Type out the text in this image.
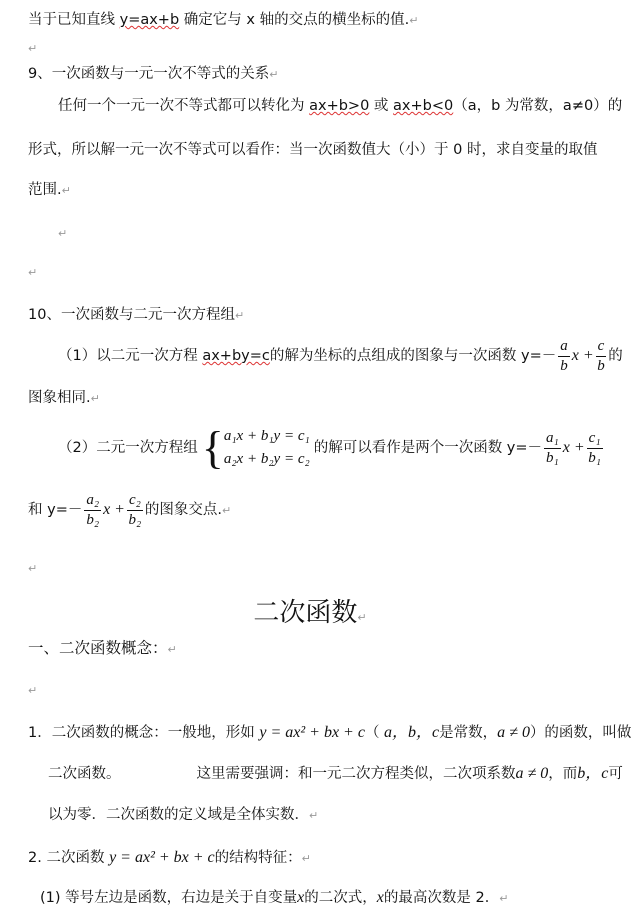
当于已知直线 y=ax+b 确定它与 x 轴的交点的横坐标的值.↵
↵
9、一次函数与一元一次不等式的关系↵
任何一个一元一次不等式都可以转化为 ax+b>0 或 ax+b<0（a，b 为常数，a≠0）的
形式，所以解一元一次不等式可以看作：当一次函数值大（小）于 0 时，求自变量的取值
范围.↵
↵
↵
10、一次函数与二元一次方程组↵
（1）以二元一次方程 ax+by=c的解为坐标的点组成的图象与一次函数 $y=- \frac{a}{b}$ $x + \frac{c}{b}$ 的
图象相同.↵
（2）二元一次方程组 { a₁x + b₁y = c₁
a₂x + b₂y = c₂
的解可以看作是两个一次函数 $y=- \frac{\text{a₁}}{\text{b₁}}$ $x + \frac{\text{c₁}}{\text{b₁}}$
和 $y=- \frac{\text{a₂}}{\text{b₂}}$ $x + \frac{\text{c₂}}{\text{b₂}}$ 的图象交点.↵
↵
二次函数↵
一、二次函数概念：↵
↵
1．二次函数的概念：一般地，形如 y = ax² + bx + c（ a，b，c是常数，a ≠ 0）的函数，叫做
二次函数。	这里需要强调：和一元二次方程类似，二次项系数a ≠ 0，而b，c可
以为零．二次函数的定义域是全体实数．↵
2. 二次函数 y = ax² + bx + c的结构特征：↵
(1) 等号左边是函数，右边是关于自变量x的二次式，x的最高次数是 2．↵
